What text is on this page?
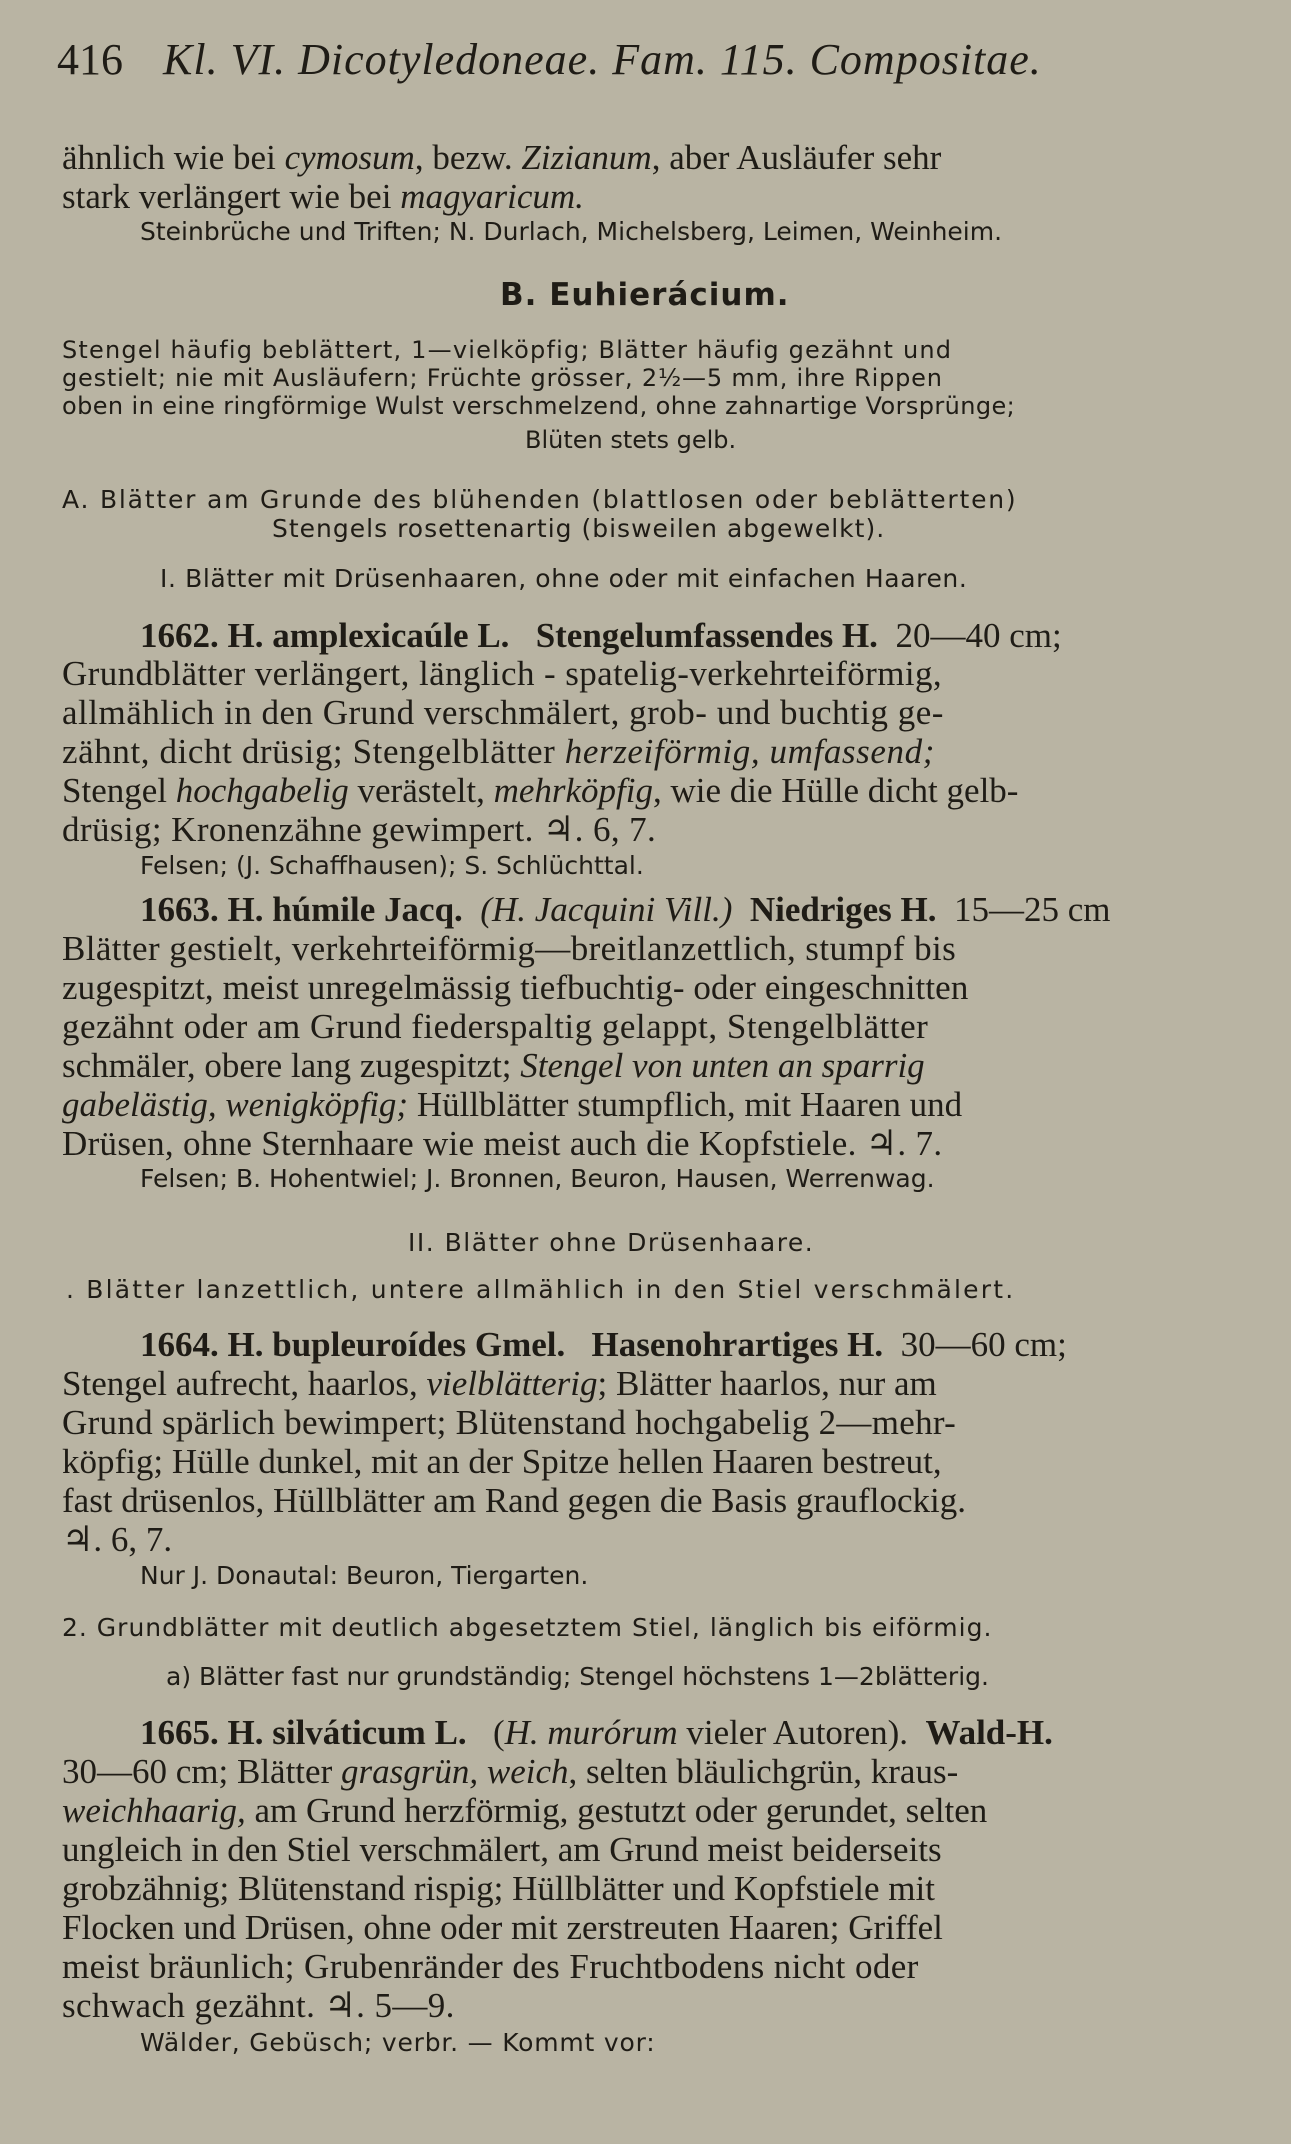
416 Kl. VI. Dicotyledoneae. Fam. 115. Compositae.
ähnlich wie bei cymosum, bezw. Zizianum, aber Ausläufer sehr
stark verlängert wie bei magyaricum.
Steinbrüche und Triften; N. Durlach, Michelsberg, Leimen, Weinheim.
B. Euhierácium.
Stengel häufig beblättert, 1—vielköpfig; Blätter häufig gezähnt und
gestielt; nie mit Ausläufern; Früchte grösser, 2½—5 mm, ihre Rippen
oben in eine ringförmige Wulst verschmelzend, ohne zahnartige Vorsprünge;
Blüten stets gelb.
A. Blätter am Grunde des blühenden (blattlosen oder beblätterten)
Stengels rosettenartig (bisweilen abgewelkt).
I. Blätter mit Drüsenhaaren, ohne oder mit einfachen Haaren.
1662. H. amplexicaúle L. Stengelumfassendes H. 20—40 cm;
Grundblätter verlängert, länglich - spatelig-verkehrteiförmig,
allmählich in den Grund verschmälert, grob- und buchtig ge-
zähnt, dicht drüsig; Stengelblätter herzeiförmig, umfassend;
Stengel hochgabelig verästelt, mehrköpfig, wie die Hülle dicht gelb-
drüsig; Kronenzähne gewimpert. ♃. 6, 7.
Felsen; (J. Schaffhausen); S. Schlüchttal.
1663. H. húmile Jacq. (H. Jacquini Vill.) Niedriges H. 15—25 cm
Blätter gestielt, verkehrteiförmig—breitlanzettlich, stumpf bis
zugespitzt, meist unregelmässig tiefbuchtig- oder eingeschnitten
gezähnt oder am Grund fiederspaltig gelappt, Stengelblätter
schmäler, obere lang zugespitzt; Stengel von unten an sparrig
gabelästig, wenigköpfig; Hüllblätter stumpflich, mit Haaren und
Drüsen, ohne Sternhaare wie meist auch die Kopfstiele. ♃. 7.
Felsen; B. Hohentwiel; J. Bronnen, Beuron, Hausen, Werrenwag.
II. Blätter ohne Drüsenhaare.
. Blätter lanzettlich, untere allmählich in den Stiel verschmälert.
1664. H. bupleuroídes Gmel. Hasenohrartiges H. 30—60 cm;
Stengel aufrecht, haarlos, vielblätterig; Blätter haarlos, nur am
Grund spärlich bewimpert; Blütenstand hochgabelig 2—mehr-
köpfig; Hülle dunkel, mit an der Spitze hellen Haaren bestreut,
fast drüsenlos, Hüllblätter am Rand gegen die Basis grauflockig.
♃. 6, 7.
Nur J. Donautal: Beuron, Tiergarten.
2. Grundblätter mit deutlich abgesetztem Stiel, länglich bis eiförmig.
a) Blätter fast nur grundständig; Stengel höchstens 1—2blätterig.
1665. H. silváticum L. (H. murórum vieler Autoren). Wald-H.
30—60 cm; Blätter grasgrün, weich, selten bläulichgrün, kraus-
weichhaarig, am Grund herzförmig, gestutzt oder gerundet, selten
ungleich in den Stiel verschmälert, am Grund meist beiderseits
grobzähnig; Blütenstand rispig; Hüllblätter und Kopfstiele mit
Flocken und Drüsen, ohne oder mit zerstreuten Haaren; Griffel
meist bräunlich; Grubenränder des Fruchtbodens nicht oder
schwach gezähnt. ♃. 5—9.
Wälder, Gebüsch; verbr. — Kommt vor:
